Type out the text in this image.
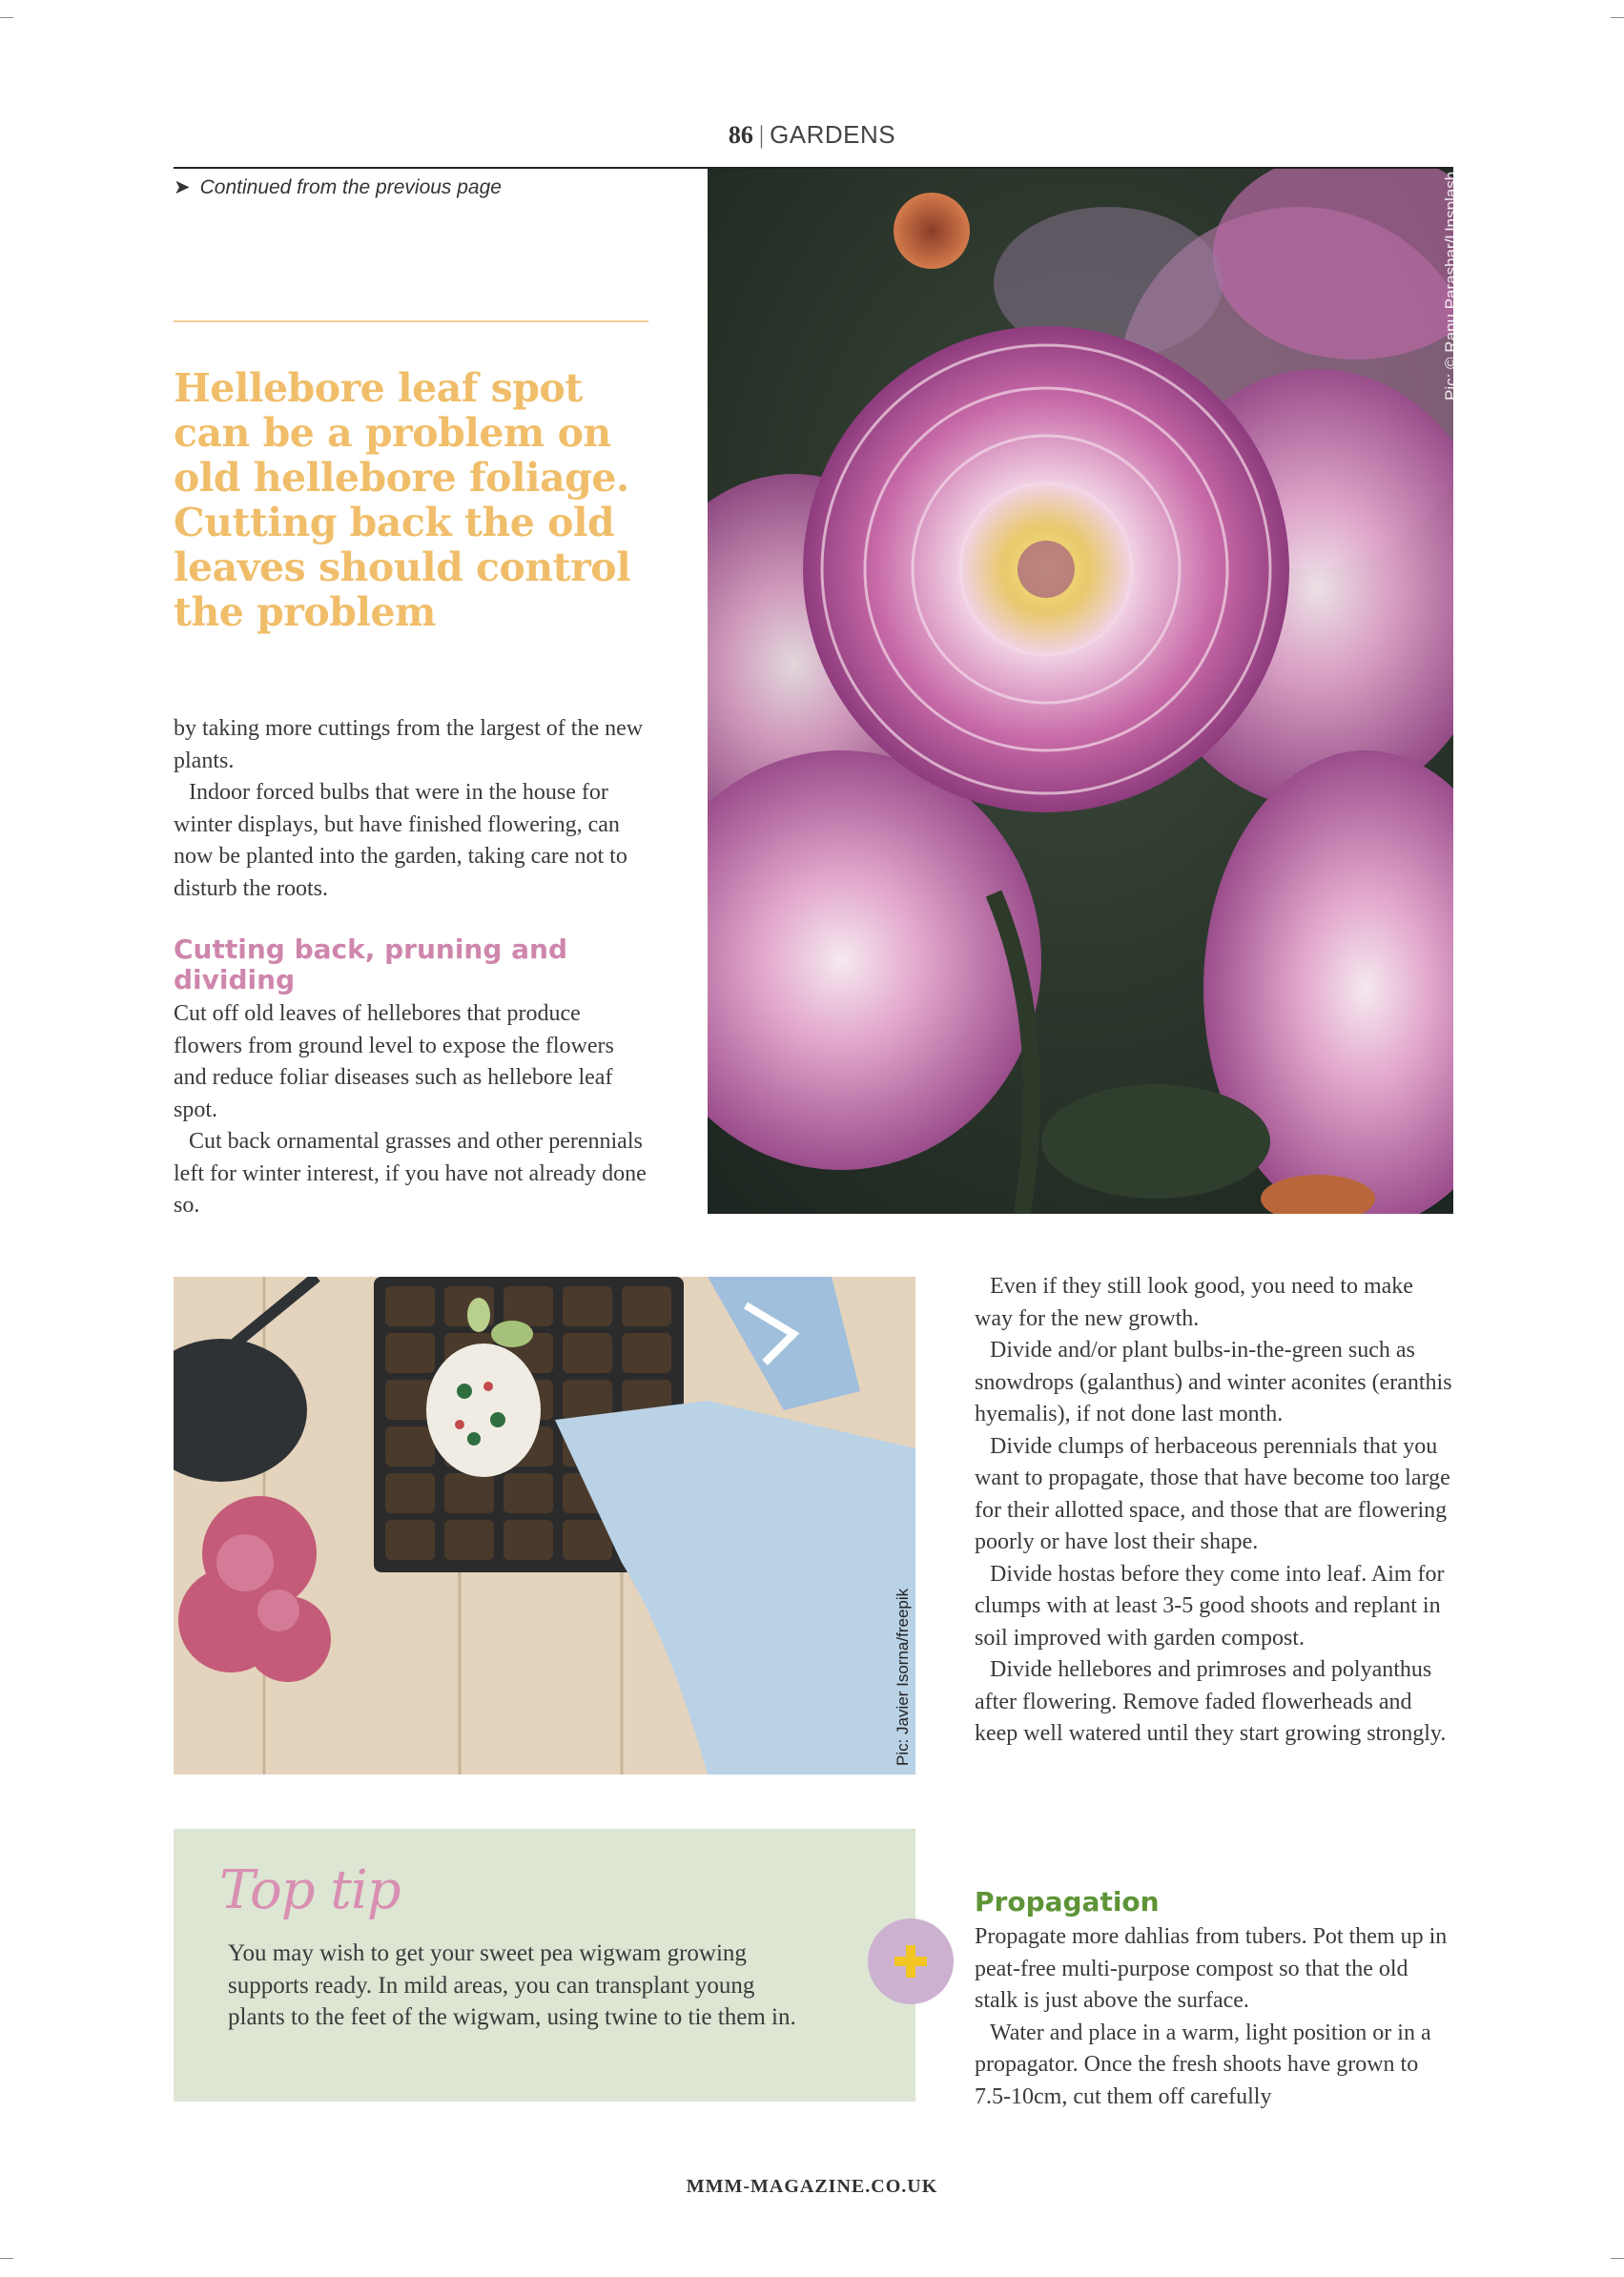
86 | GARDENS
➤ Continued from the previous page
Hellebore leaf spot can be a problem on old hellebore foliage. Cutting back the old leaves should control the problem

by taking more cuttings from the largest of the new plants.

Indoor forced bulbs that were in the house for winter displays, but have finished flowering, can now be planted into the garden, taking care not to disturb the roots.

Cutting back, pruning and dividing

Cut off old leaves of hellebores that produce flowers from ground level to expose the flowers and reduce foliar diseases such as hellebore leaf spot.

Cut back ornamental grasses and other perennials left for winter interest, if you have not already done so.

Pic: © Ranu Parashar/Unsplash
Pic: Javier Isorna/freepik
Top tip
You may wish to get your sweet pea wigwam growing supports ready. In mild areas, you can transplant young plants to the feet of the wigwam, using twine to tie them in.

Even if they still look good, you need to make way for the new growth.

Divide and/or plant bulbs-in-the-green such as snowdrops (galanthus) and winter aconites (eranthis hyemalis), if not done last month.

Divide clumps of herbaceous perennials that you want to propagate, those that have become too large for their allotted space, and those that are flowering poorly or have lost their shape.

Divide hostas before they come into leaf. Aim for clumps with at least 3-5 good shoots and replant in soil improved with garden compost.

Divide hellebores and primroses and polyanthus after flowering. Remove faded flowerheads and keep well watered until they start growing strongly.

Propagation

Propagate more dahlias from tubers. Pot them up in peat-free multi-purpose compost so that the old stalk is just above the surface.

Water and place in a warm, light position or in a propagator. Once the fresh shoots have grown to 7.5-10cm, cut them off carefully

MMM-MAGAZINE.CO.UK
